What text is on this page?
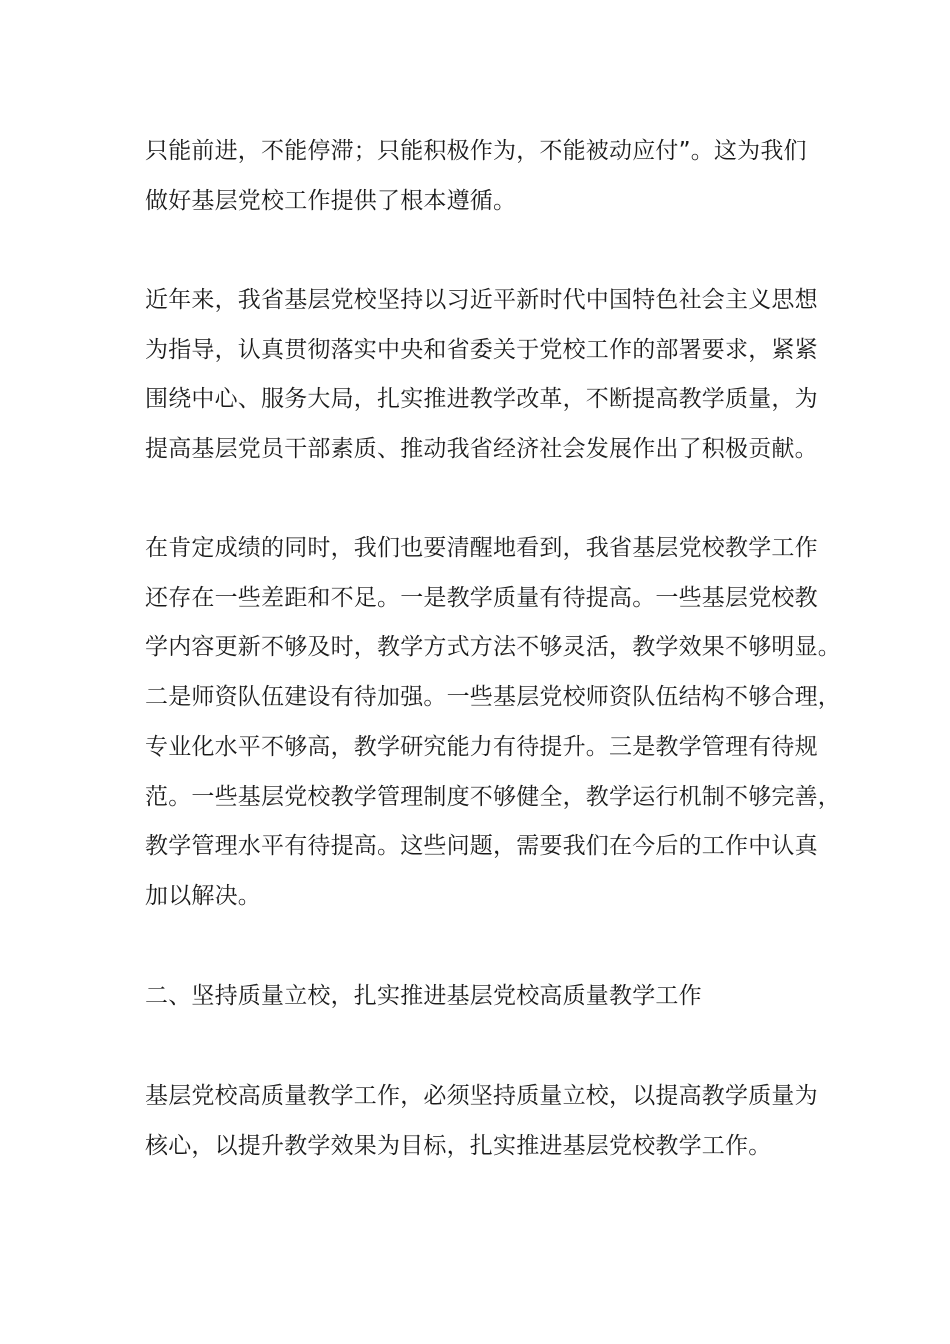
只能前进，不能停滞；只能积极作为，不能被动应付”。这为我们
做好基层党校工作提供了根本遵循。

近年来，我省基层党校坚持以习近平新时代中国特色社会主义思想
为指导，认真贯彻落实中央和省委关于党校工作的部署要求，紧紧
围绕中心、服务大局，扎实推进教学改革，不断提高教学质量，为
提高基层党员干部素质、推动我省经济社会发展作出了积极贡献。

在肯定成绩的同时，我们也要清醒地看到，我省基层党校教学工作
还存在一些差距和不足。一是教学质量有待提高。一些基层党校教
学内容更新不够及时，教学方式方法不够灵活，教学效果不够明显。
二是师资队伍建设有待加强。一些基层党校师资队伍结构不够合理，
专业化水平不够高，教学研究能力有待提升。三是教学管理有待规
范。一些基层党校教学管理制度不够健全，教学运行机制不够完善，
教学管理水平有待提高。这些问题，需要我们在今后的工作中认真
加以解决。

二、坚持质量立校，扎实推进基层党校高质量教学工作

基层党校高质量教学工作，必须坚持质量立校，以提高教学质量为
核心，以提升教学效果为目标，扎实推进基层党校教学工作。
